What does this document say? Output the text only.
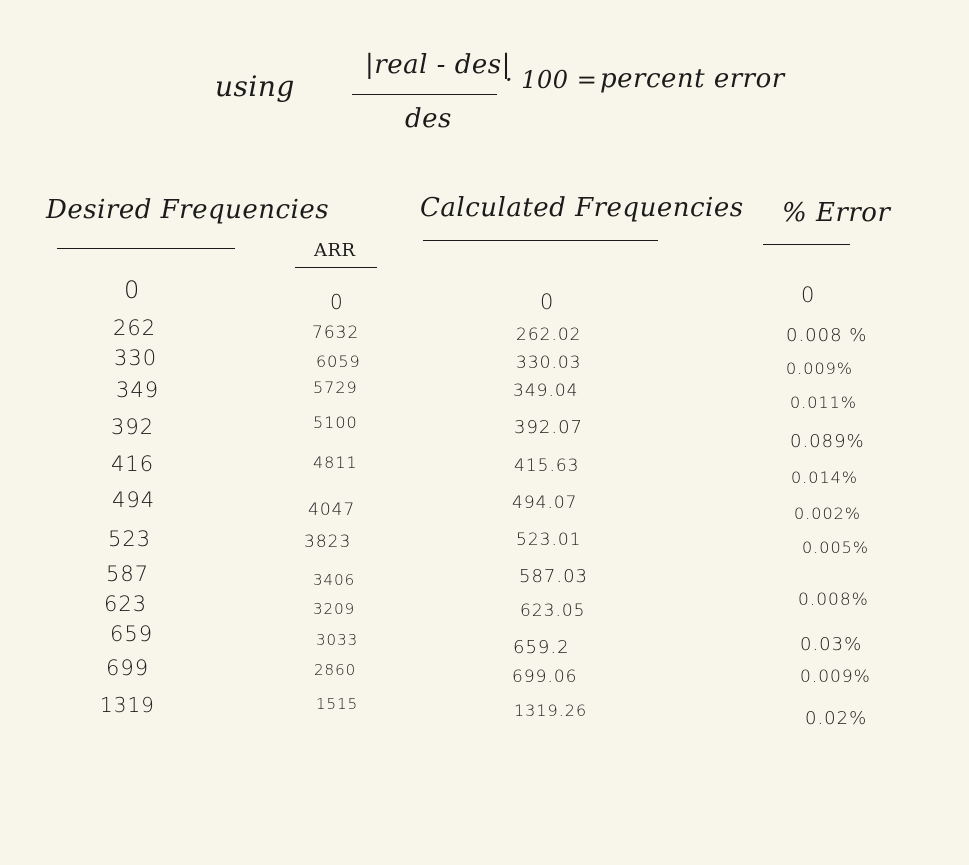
using
|real - des|
des
· 100 = percent error
Desired Frequencies
ARR
Calculated Frequencies % Error
0
262
330
349
392
416
494
523
587
623
659
699
1319
0
7632
6059
5729
5100
4811
4047
3823
3406
3209
3033
2860
1515
0
262.02
330.03
349.04
392.07
415.63
494.07
523.01
587.03
623.05
659.2
699.06
1319.26
0
0.008 %
0.009%
0.011%
0.089%
0.014%
0.002%
0.005%
0.008%
0.03%
0.009%
0.02%
